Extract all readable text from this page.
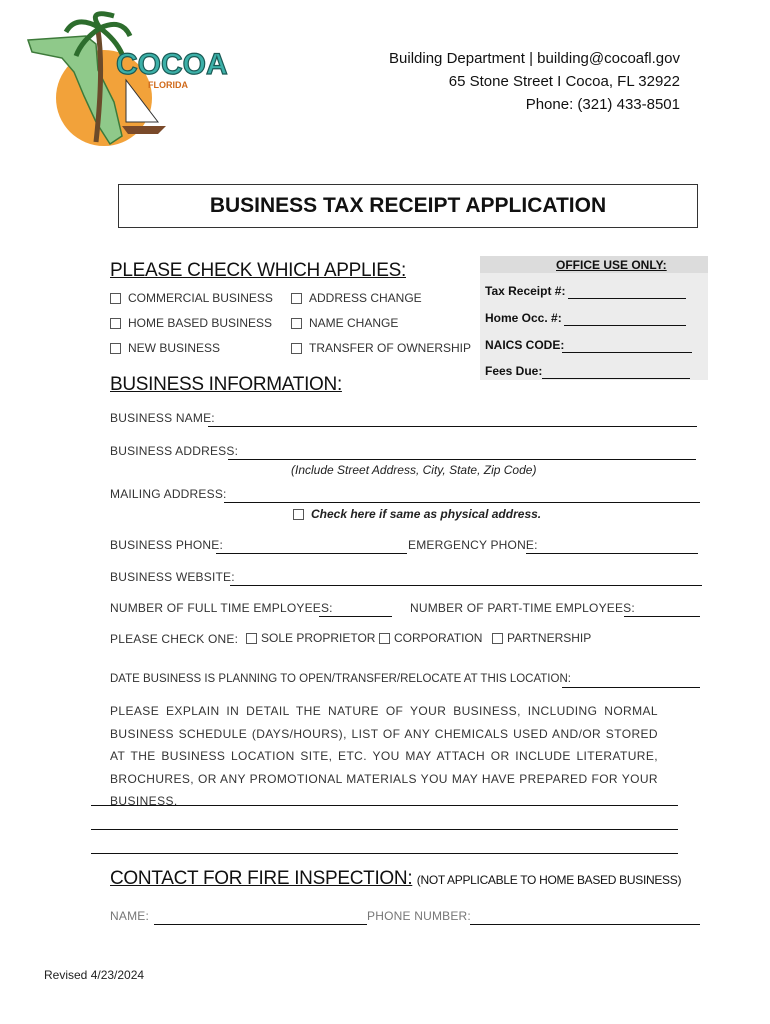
COCOA
FLORIDA
Building Department | building@cocoafl.gov
65 Stone Street I Cocoa, FL 32922
Phone: (321) 433-8501
BUSINESS TAX RECEIPT APPLICATION
PLEASE CHECK WHICH APPLIES:
COMMERCIAL BUSINESS
HOME BASED BUSINESS
NEW BUSINESS
ADDRESS CHANGE
NAME CHANGE
TRANSFER OF OWNERSHIP
OFFICE USE ONLY:
Tax Receipt #:
Home Occ. #:
NAICS CODE:
Fees Due:
BUSINESS INFORMATION:
BUSINESS NAME:
BUSINESS ADDRESS:
(Include Street Address, City, State, Zip Code)
MAILING ADDRESS:
Check here if same as physical address.
BUSINESS PHONE:	EMERGENCY PHONE:
BUSINESS WEBSITE:
NUMBER OF FULL TIME EMPLOYEES:	NUMBER OF PART-TIME EMPLOYEES:
PLEASE CHECK ONE: SOLE PROPRIETOR CORPORATION PARTNERSHIP
DATE BUSINESS IS PLANNING TO OPEN/TRANSFER/RELOCATE AT THIS LOCATION:
PLEASE EXPLAIN IN DETAIL THE NATURE OF YOUR BUSINESS, INCLUDING NORMAL BUSINESS SCHEDULE (DAYS/HOURS), LIST OF ANY CHEMICALS USED AND/OR STORED AT THE BUSINESS LOCATION SITE, ETC. YOU MAY ATTACH OR INCLUDE LITERATURE, BROCHURES, OR ANY PROMOTIONAL MATERIALS YOU MAY HAVE PREPARED FOR YOUR BUSINESS.
CONTACT FOR FIRE INSPECTION: (NOT APPLICABLE TO HOME BASED BUSINESS)
NAME:	PHONE NUMBER:
Revised 4/23/2024
